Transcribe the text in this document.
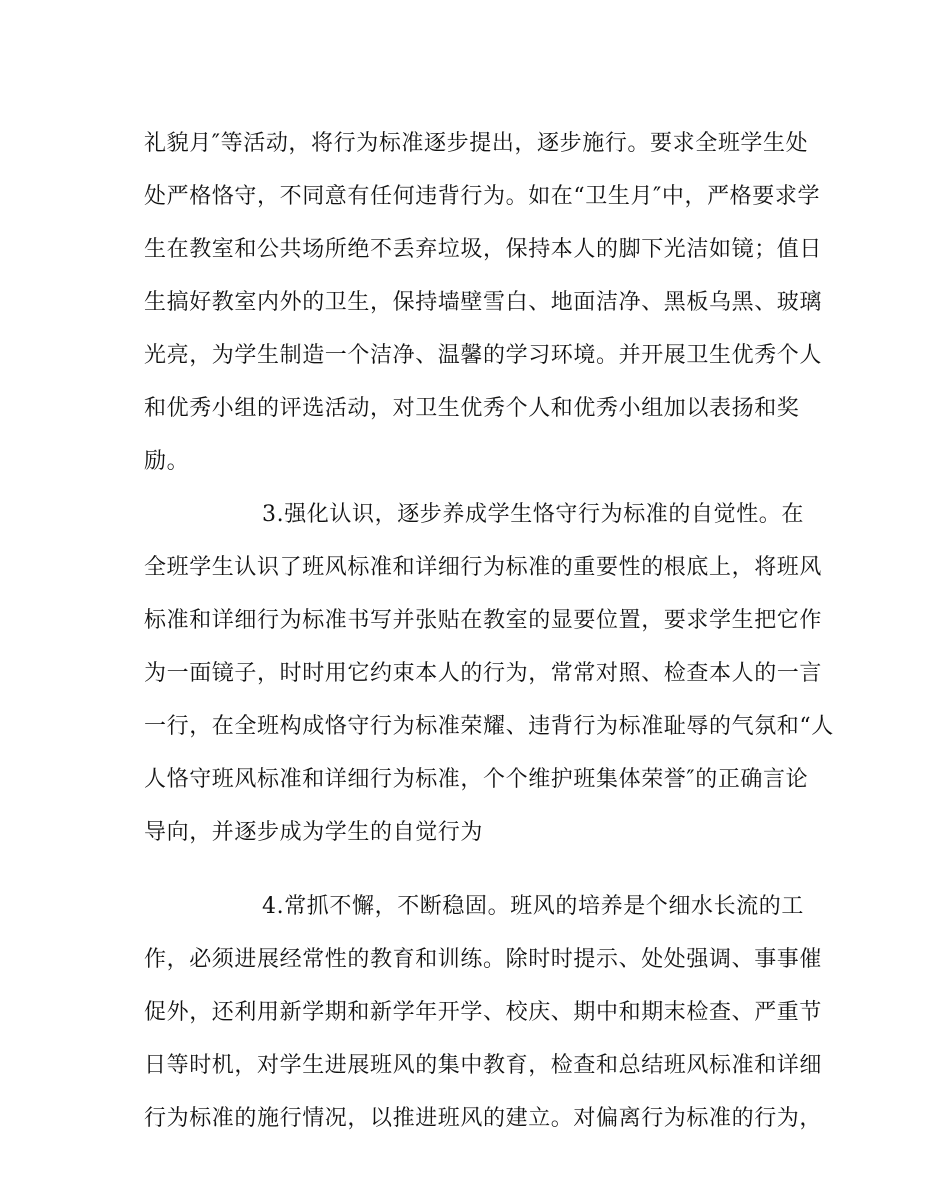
礼貌月″等活动，将行为标准逐步提出，逐步施行。要求全班学生处
处严格恪守，不同意有任何违背行为。如在“卫生月″中，严格要求学
生在教室和公共场所绝不丢弃垃圾，保持本人的脚下光洁如镜；值日
生搞好教室内外的卫生，保持墙壁雪白、地面洁净、黑板乌黑、玻璃
光亮，为学生制造一个洁净、温馨的学习环境。并开展卫生优秀个人
和优秀小组的评选活动，对卫生优秀个人和优秀小组加以表扬和奖
励。
3.强化认识，逐步养成学生恪守行为标准的自觉性。在
全班学生认识了班风标准和详细行为标准的重要性的根底上，将班风
标准和详细行为标准书写并张贴在教室的显要位置，要求学生把它作
为一面镜子，时时用它约束本人的行为，常常对照、检查本人的一言
一行，在全班构成恪守行为标准荣耀、违背行为标准耻辱的气氛和“人
人恪守班风标准和详细行为标准，个个维护班集体荣誉″的正确言论
导向，并逐步成为学生的自觉行为
4.常抓不懈，不断稳固。班风的培养是个细水长流的工
作，必须进展经常性的教育和训练。除时时提示、处处强调、事事催
促外，还利用新学期和新学年开学、校庆、期中和期末检查、严重节
日等时机，对学生进展班风的集中教育，检查和总结班风标准和详细
行为标准的施行情况，以推进班风的建立。对偏离行为标准的行为，
